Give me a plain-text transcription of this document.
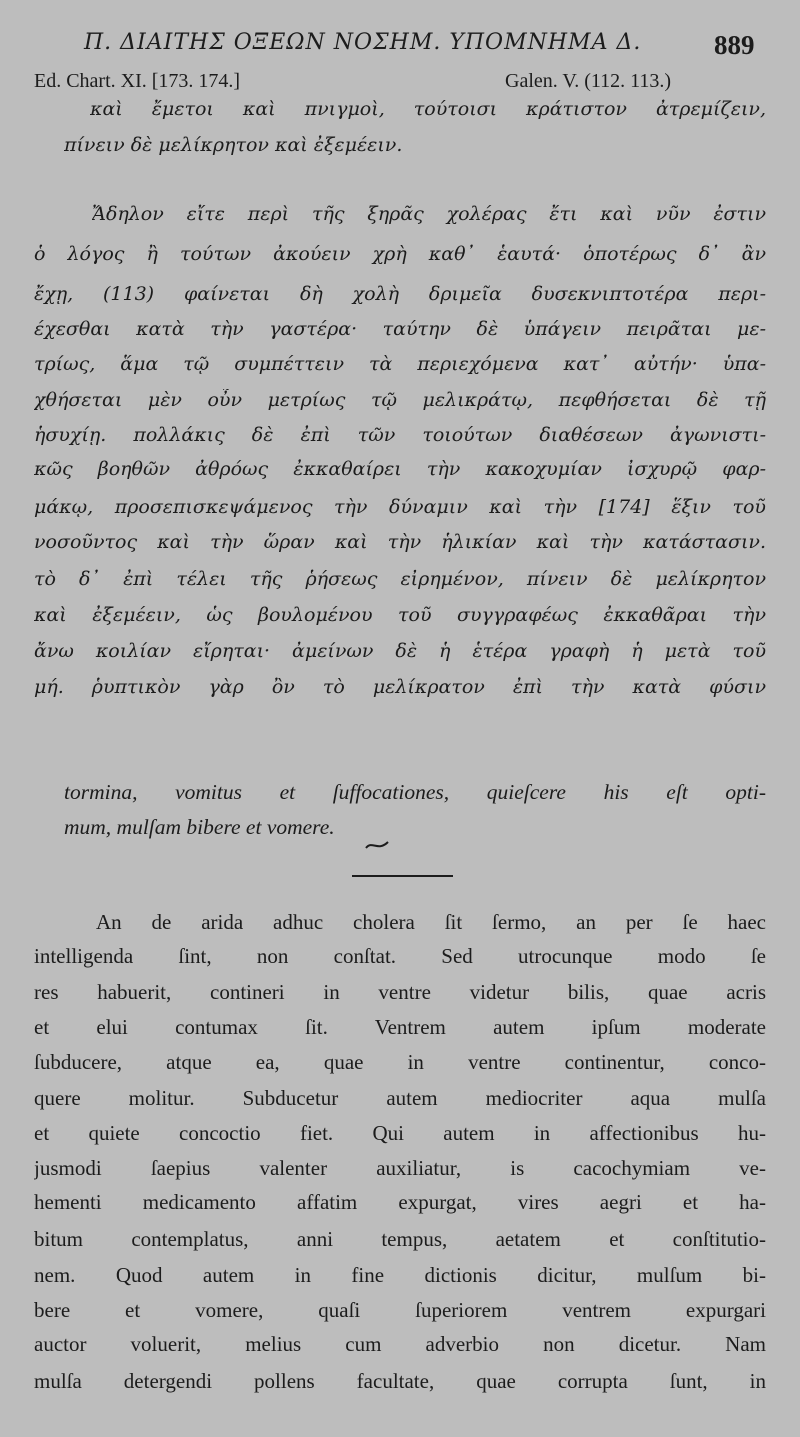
Π. ΔΙΑΙΤΗΣ ΟΞΕΩΝ ΝΟΣΗΜ. ΥΠΟΜΝΗΜΑ Δ.	889
Ed. Chart. XI. [173. 174.]	Galen. V. (112. 113.)
καὶ ἔμετοι καὶ πνιγμοὶ, τούτοισι κράτιστον ἀτρεμίζειν,
πίνειν δὲ μελίκρητον καὶ ἐξεμέειν.
Ἄδηλον εἴτε περὶ τῆς ξηρᾶς χολέρας ἔτι καὶ νῦν ἐστιν
ὁ λόγος ἢ τούτων ἀκούειν χρὴ καθ᾽ ἑαυτά· ὁποτέρως δ᾽ ἂν
ἔχῃ, (113) φαίνεται δὴ χολὴ δριμεῖα δυσεκνιπτοτέρα περι-
έχεσθαι κατὰ τὴν γαστέρα· ταύτην δὲ ὑπάγειν πειρᾶται με-
τρίως, ἅμα τῷ συμπέττειν τὰ περιεχόμενα κατ᾽ αὐτήν· ὑπα-
χθήσεται μὲν οὖν μετρίως τῷ μελικράτῳ, πεφθήσεται δὲ τῇ
ἡσυχίῃ. πολλάκις δὲ ἐπὶ τῶν τοιούτων διαθέσεων ἀγωνιστι-
κῶς βοηθῶν ἀθρόως ἐκκαθαίρει τὴν κακοχυμίαν ἰσχυρῷ φαρ-
μάκῳ, προσεπισκεψάμενος τὴν δύναμιν καὶ τὴν [174] ἕξιν τοῦ
νοσοῦντος καὶ τὴν ὥραν καὶ τὴν ἡλικίαν καὶ τὴν κατάστασιν.
τὸ δ᾽ ἐπὶ τέλει τῆς ῥήσεως εἰρημένον, πίνειν δὲ μελίκρητον
καὶ ἐξεμέειν, ὡς βουλομένου τοῦ συγγραφέως ἐκκαθᾶραι τὴν
ἄνω κοιλίαν εἴρηται· ἀμείνων δὲ ἡ ἑτέρα γραφὴ ἡ μετὰ τοῦ
μή. ῥυπτικὸν γὰρ ὂν τὸ μελίκρατον ἐπὶ τὴν κατὰ φύσιν
tormina, vomitus et ſuffocationes, quieſcere his eſt opti-
mum, mulſam bibere et vomere.
An de arida adhuc cholera ſit ſermo, an per ſe haec
intelligenda ſint, non conſtat. Sed utrocunque modo ſe
res habuerit, contineri in ventre videtur bilis, quae acris
et elui contumax ſit. Ventrem autem ipſum moderate
ſubducere, atque ea, quae in ventre continentur, conco-
quere molitur. Subducetur autem mediocriter aqua mulſa
et quiete concoctio fiet. Qui autem in affectionibus hu-
jusmodi ſaepius valenter auxiliatur, is cacochymiam ve-
hementi medicamento affatim expurgat, vires aegri et ha-
bitum contemplatus, anni tempus, aetatem et conſtitutio-
nem. Quod autem in fine dictionis dicitur, mulſum bi-
bere et vomere, quaſi ſuperiorem ventrem expurgari
auctor voluerit, melius cum adverbio non dicetur. Nam
mulſa detergendi pollens facultate, quae corrupta ſunt, in
